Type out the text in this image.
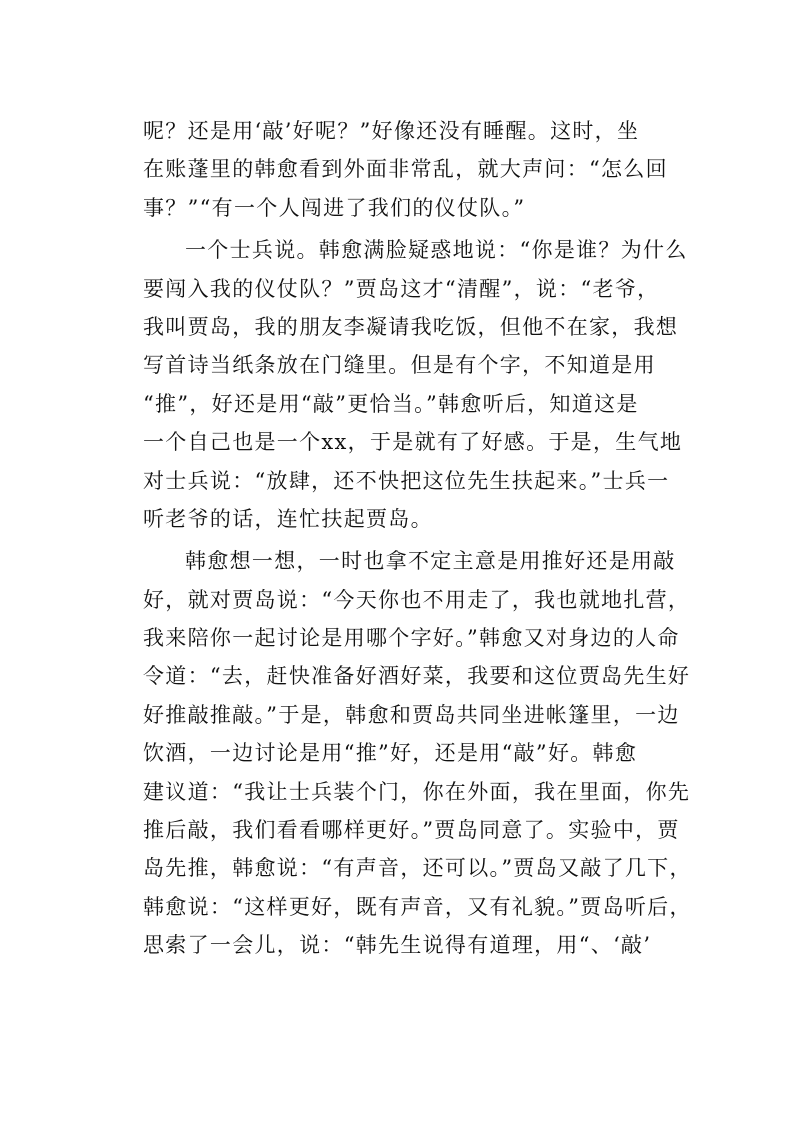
呢？还是用‘敲’好呢？”好像还没有睡醒。这时，坐
在账蓬里的韩愈看到外面非常乱，就大声问：“怎么回
事？”“有一个人闯进了我们的仪仗队。”
一个士兵说。韩愈满脸疑惑地说：“你是谁？为什么
要闯入我的仪仗队？”贾岛这才“清醒”，说：“老爷，
我叫贾岛，我的朋友李凝请我吃饭，但他不在家，我想
写首诗当纸条放在门缝里。但是有个字，不知道是用
“推”，好还是用“敲”更恰当。”韩愈听后，知道这是
一个自己也是一个xx，于是就有了好感。于是，生气地
对士兵说：“放肆，还不快把这位先生扶起来。”士兵一
听老爷的话，连忙扶起贾岛。
韩愈想一想，一时也拿不定主意是用推好还是用敲
好，就对贾岛说：“今天你也不用走了，我也就地扎营，
我来陪你一起讨论是用哪个字好。”韩愈又对身边的人命
令道：“去，赶快准备好酒好菜，我要和这位贾岛先生好
好推敲推敲。”于是，韩愈和贾岛共同坐进帐篷里，一边
饮酒，一边讨论是用“推”好，还是用“敲”好。韩愈
建议道：“我让士兵装个门，你在外面，我在里面，你先
推后敲，我们看看哪样更好。”贾岛同意了。实验中，贾
岛先推，韩愈说：“有声音，还可以。”贾岛又敲了几下，
韩愈说：“这样更好，既有声音，又有礼貌。”贾岛听后，
思索了一会儿，说：“韩先生说得有道理，用“、‘敲’
